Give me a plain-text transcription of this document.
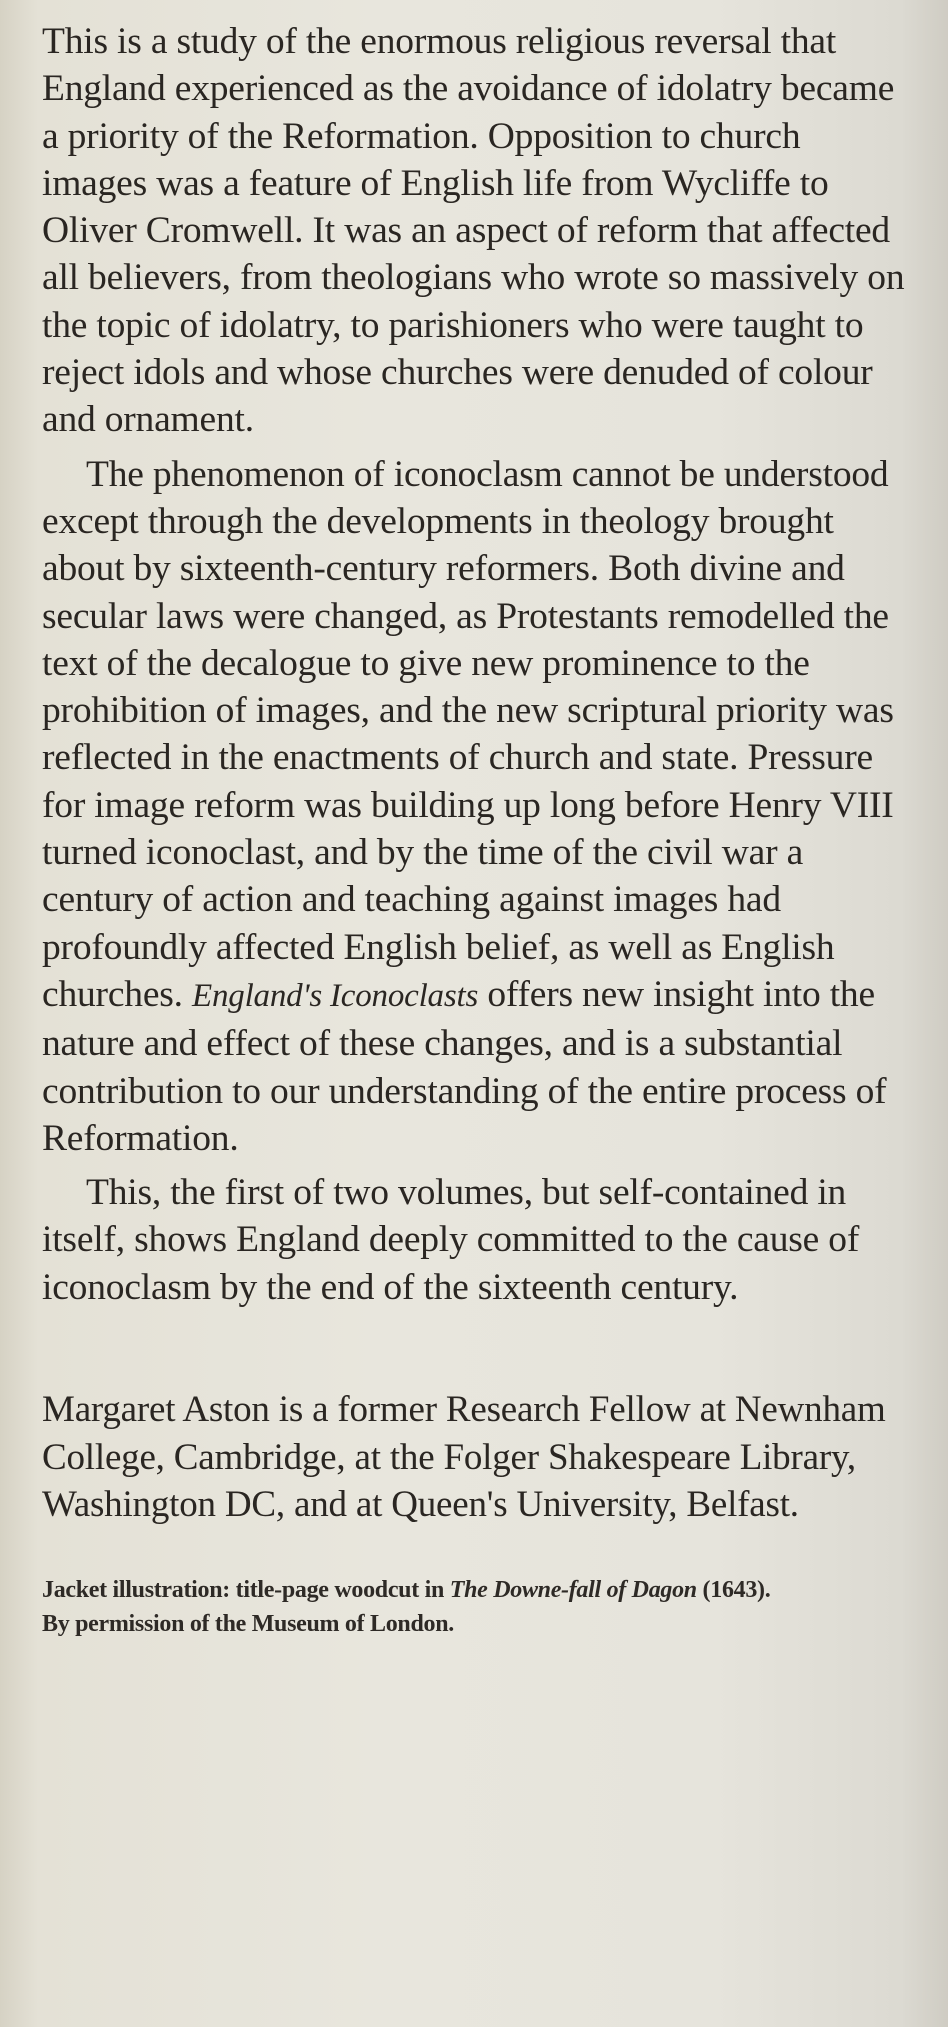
This is a study of the enormous religious reversal that England experienced as the avoidance of idolatry became a priority of the Reformation. Opposition to church images was a feature of English life from Wycliffe to Oliver Cromwell. It was an aspect of reform that affected all believers, from theologians who wrote so massively on the topic of idolatry, to parishioners who were taught to reject idols and whose churches were denuded of colour and ornament.

The phenomenon of iconoclasm cannot be understood except through the developments in theology brought about by sixteenth-century reformers. Both divine and secular laws were changed, as Protestants remodelled the text of the decalogue to give new prominence to the prohibition of images, and the new scriptural priority was reflected in the enactments of church and state. Pressure for image reform was building up long before Henry VIII turned iconoclast, and by the time of the civil war a century of action and teaching against images had profoundly affected English belief, as well as English churches. England's Iconoclasts offers new insight into the nature and effect of these changes, and is a substantial contribution to our understanding of the entire process of Reformation.

This, the first of two volumes, but self-contained in itself, shows England deeply committed to the cause of iconoclasm by the end of the sixteenth century.

Margaret Aston is a former Research Fellow at Newnham College, Cambridge, at the Folger Shakespeare Library, Washington DC, and at Queen's University, Belfast.

Jacket illustration: title-page woodcut in The Downe-fall of Dagon (1643).

By permission of the Museum of London.
